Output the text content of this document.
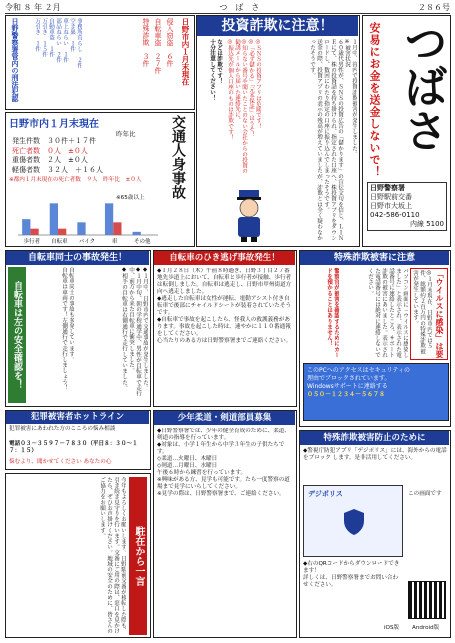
令和 ８ 年 ２月	つ　ば　さ	２８６号
つばさ
安易にお金を送金しないで！
日野警察署
日野駅前交番
日野市大坂上
042-586-0110
内線 5100
投資詐欺に注意！
１月中、管内で投資詐欺被害が発生しました。
※被害状況
６０歳代男性が、ＳＮＳの投資広告の「儲かります」の宣伝文句を信じ、ＬＩＮＥにて、株の投資話を持ち掛けられ、指定された口座へ、株投資アプリをダウンロードし、数回にわたり指定の口座に振り込んでしまったそうです。
送金の際、投資アプリの表示の残高が増えていましたが、詐欺とは全く疑わなかったそうです。
◎ＳＮＳの投資アプリは危険です！
◎「必ず儲かる」「元本保証」はうそ！
◎知らない番号や聞いたことのない会社からの投資の勧誘メールから届いた連絡先に、
◎振込先が個人口座のものは詐欺です！
などは詐欺です！
十分注意してください！
日野警察署管内の刑法犯認
事務所荒らし　２件
空き巣　１件
車上ねらい　１件
部品ねらい　２件
自動車盗　１件
万引き　１５件
万引き　１件	日野市内１月末現在
侵入窃盗　６件
自転車盗　２７件
特殊詐欺　３件
日野市内１月末現在
昨年比
発生件数　３０件＋１７件
死亡者数　０人　±０人
重傷者数　２人　±０人
軽傷者数　３２人　＋１６人
※都内１月末現在の死亡者数　９人　昨年比　±０人	交通人身事故
歩行者 自転車 バイク	車	その他
※65歳以上
自転車同士の事故発生！
◆１月中、日野市内で交通事故が発生しました。
◆１月中旬、朝の学校通学中、男性が自転車で走行中、前方から来た自転車に衝突しました。
◆相手の自転車は右側通行で走行していました。
自転車同士の事故も多発しています。
自転車は車両です！左側通行で走行しましょう！
自転車は左の安全確認を！
自転車のひき逃げ事故発生！
◆１月２８日（木）午前８時過ぎ、日野３丁目２７番地先歩道上において、自転車と歩行者が接触、歩行者は転倒しました。自転車は逃走し、日野市甲州街道方向へ逃走しました。
◆逃走した自転車は女性が運転、電動アシスト付き自転車で後部にチャイルドシートが装着されていたそうです。
◆自転車で事故を起こしたら、怪我人の救護義務があります。事故を起こした時は、速やかに１１０番通報をしてください。
心当たりのある方は日野警察署までご連絡ください。
特殊詐欺被害に注意
「ウイルスに感染」は要
◎１月末現在、日野市内では５件、総額約２百万円の特殊詐欺被害が発生しています。
パソコン画面に「ウイルスに感染しました」と表示され、表示された電話番号に連絡したところ、サポート詐欺の被害にあいました。表示された電話番号には絶対に連絡しないでください。
警察官が被害を確認するためにカードを預かることはありません！
このPCへのアクセスはセキュリティの
理由でブロックされています。
Windowsサポートに連絡する
０５０－１２３４－５６７８
犯罪被害者ホットライン
犯罪被害にあわれた方のこころの悩み相談
電話０３－３５９７－７８３０（平日８：３０～１７：１５）
悩むより、聞かせてください あなたの心
少年柔道・剣道部員募集
◆日野警察署では、少年の健全育成のために、柔道、剣道の指導を行っています。
◆対象は、小学１年生から中学３年生の子供たちです。
◇柔道…火曜日、木曜日
◇剣道…月曜日、水曜日
午後６時から練習を行っています。
※興味がある方、見学も可能です。たら一度警察の道場まで見学にいらしてください。
※見学の際は、日野警察署まで、ご連絡ください。
駐在から一言
今年もよろしくお願いします。日野駅前交番が移転した際も、引き続き見守りを行います。交番にご用の際は、窓口を見かけたら、ぜひお声掛けください。地域の安全のために、皆さんのご協力をお願いします。
特殊詐欺被害防止のために
◆警視庁防犯アプリ「デジポリス」には、海外からの電話をブロック します。是非活用してください。
デジポリス	この画面です
◆右のQRコードからダウンロードできます！
詳しくは、日野警察署までお問い合わせください。
iOS版 Android版
